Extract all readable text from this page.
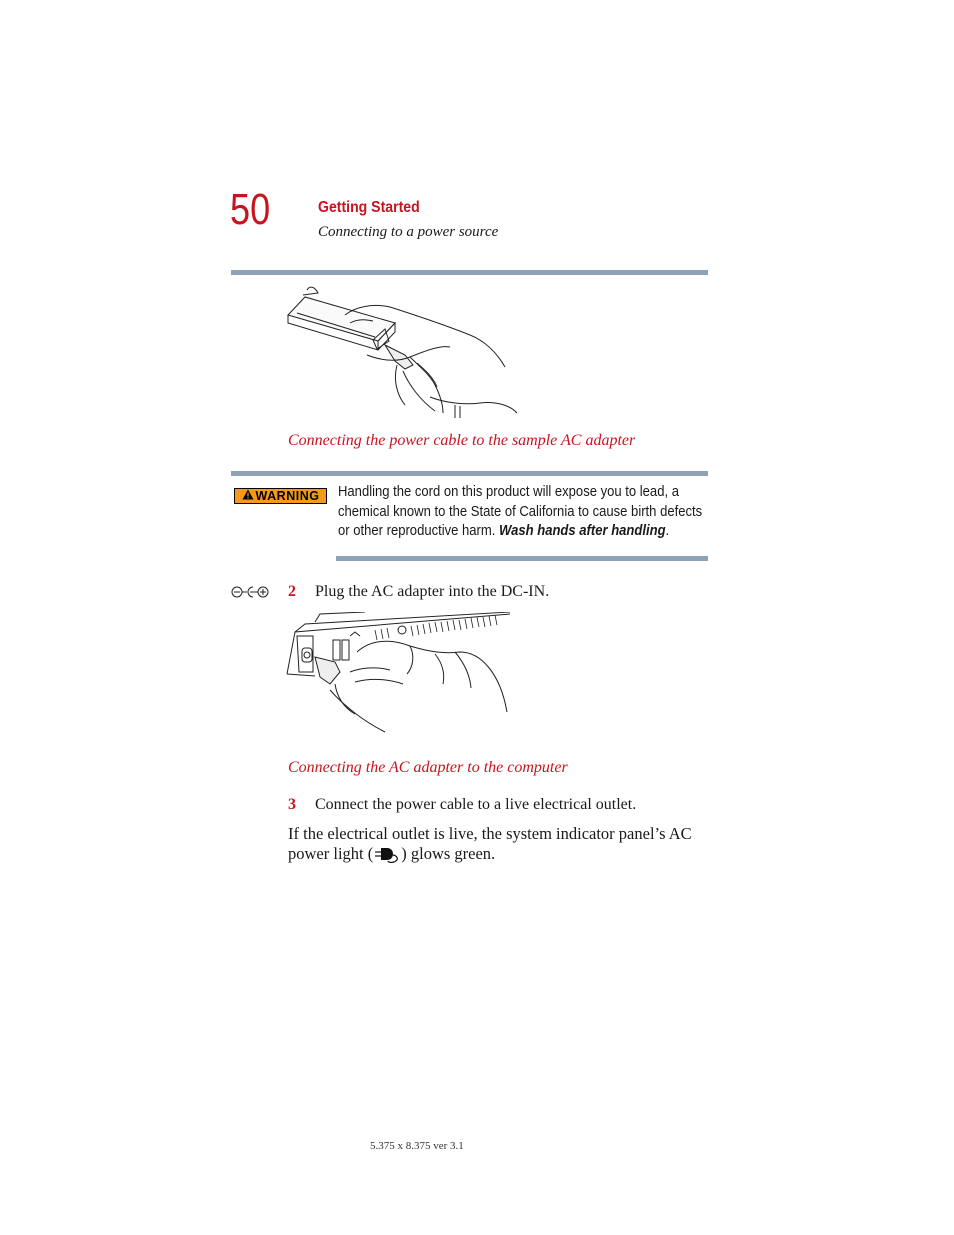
50	Getting Started
Connecting to a power source
Connecting the power cable to the sample AC adapter
WARNING Handling the cord on this product will expose you to lead, a chemical known to the State of California to cause birth defects or other reproductive harm. Wash hands after handling.
2 Plug the AC adapter into the DC-IN.
Connecting the AC adapter to the computer
3 Connect the power cable to a live electrical outlet.
If the electrical outlet is live, the system indicator panel’s AC power light ( ) glows green.
5.375 x 8.375 ver 3.1
